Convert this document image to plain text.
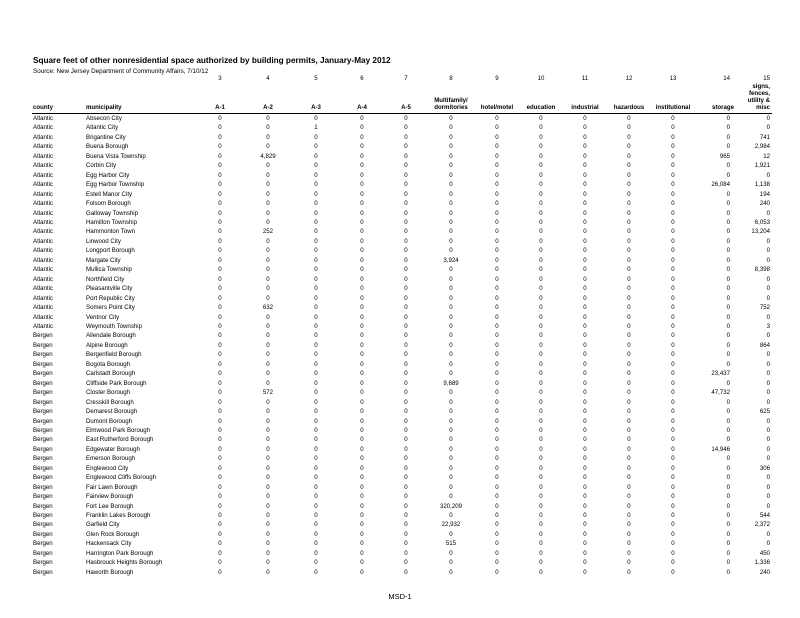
Square feet of other nonresidential space authorized by building permits, January-May 2012
Source: New Jersey Department of Community Affairs, 7/10/12
		3	4	5	6	7	8	9	10	11	12	13	14	15
county	municipality	A-1	A-2	A-3	A-4	A-5	Multifamily/ dormitories	hotel/motel	education	industrial	hazardous	institutional	storage	signs, fences, utility & misc

Atlantic	Absecon City	0	0	0	0	0	0	0	0	0	0	0	0	0
Atlantic	Atlantic City	0	0	1	0	0	0	0	0	0	0	0	0	0
Atlantic	Brigantine City	0	0	0	0	0	0	0	0	0	0	0	0	741
Atlantic	Buena Borough	0	0	0	0	0	0	0	0	0	0	0	0	2,984
Atlantic	Buena Vista Township	0	4,829	0	0	0	0	0	0	0	0	0	965	12
Atlantic	Corbin City	0	0	0	0	0	0	0	0	0	0	0	0	1,921
Atlantic	Egg Harbor City	0	0	0	0	0	0	0	0	0	0	0	0	0
Atlantic	Egg Harbor Township	0	0	0	0	0	0	0	0	0	0	0	26,084	1,138
Atlantic	Estell Manor City	0	0	0	0	0	0	0	0	0	0	0	0	194
Atlantic	Folsom Borough	0	0	0	0	0	0	0	0	0	0	0	0	240
Atlantic	Galloway Township	0	0	0	0	0	0	0	0	0	0	0	0	0
Atlantic	Hamilton Township	0	0	0	0	0	0	0	0	0	0	0	0	6,053
Atlantic	Hammonton Town	0	252	0	0	0	0	0	0	0	0	0	0	13,204
Atlantic	Linwood City	0	0	0	0	0	0	0	0	0	0	0	0	0
Atlantic	Longport Borough	0	0	0	0	0	0	0	0	0	0	0	0	0
Atlantic	Margate City	0	0	0	0	0	3,924	0	0	0	0	0	0	0
Atlantic	Mullica Township	0	0	0	0	0	0	0	0	0	0	0	0	8,398
Atlantic	Northfield City	0	0	0	0	0	0	0	0	0	0	0	0	0
Atlantic	Pleasantville City	0	0	0	0	0	0	0	0	0	0	0	0	0
Atlantic	Port Republic City	0	0	0	0	0	0	0	0	0	0	0	0	0
Atlantic	Somers Point City	0	632	0	0	0	0	0	0	0	0	0	0	752
Atlantic	Ventnor City	0	0	0	0	0	0	0	0	0	0	0	0	0
Atlantic	Weymouth Township	0	0	0	0	0	0	0	0	0	0	0	0	3
Bergen	Allendale Borough	0	0	0	0	0	0	0	0	0	0	0	0	0
Bergen	Alpine Borough	0	0	0	0	0	0	0	0	0	0	0	0	864
Bergen	Bergenfield Borough	0	0	0	0	0	0	0	0	0	0	0	0	0
Bergen	Bogota Borough	0	0	0	0	0	0	0	0	0	0	0	0	0
Bergen	Carlstadt Borough	0	0	0	0	0	0	0	0	0	0	0	23,437	0
Bergen	Cliffside Park Borough	0	0	0	0	0	9,689	0	0	0	0	0	0	0
Bergen	Closter Borough	0	572	0	0	0	0	0	0	0	0	0	47,732	0
Bergen	Cresskill Borough	0	0	0	0	0	0	0	0	0	0	0	0	0
Bergen	Demarest Borough	0	0	0	0	0	0	0	0	0	0	0	0	625
Bergen	Dumont Borough	0	0	0	0	0	0	0	0	0	0	0	0	0
Bergen	Elmwood Park Borough	0	0	0	0	0	0	0	0	0	0	0	0	0
Bergen	East Rutherford Borough	0	0	0	0	0	0	0	0	0	0	0	0	0
Bergen	Edgewater Borough	0	0	0	0	0	0	0	0	0	0	0	14,946	0
Bergen	Emerson Borough	0	0	0	0	0	0	0	0	0	0	0	0	0
Bergen	Englewood City	0	0	0	0	0	0	0	0	0	0	0	0	306
Bergen	Englewood Cliffs Borough	0	0	0	0	0	0	0	0	0	0	0	0	0
Bergen	Fair Lawn Borough	0	0	0	0	0	0	0	0	0	0	0	0	0
Bergen	Fairview Borough	0	0	0	0	0	0	0	0	0	0	0	0	0
Bergen	Fort Lee Borough	0	0	0	0	0	320,209	0	0	0	0	0	0	0
Bergen	Franklin Lakes Borough	0	0	0	0	0	0	0	0	0	0	0	0	544
Bergen	Garfield City	0	0	0	0	0	22,932	0	0	0	0	0	0	2,372
Bergen	Glen Rock Borough	0	0	0	0	0	0	0	0	0	0	0	0	0
Bergen	Hackensack City	0	0	0	0	0	515	0	0	0	0	0	0	0
Bergen	Harrington Park Borough	0	0	0	0	0	0	0	0	0	0	0	0	450
Bergen	Hasbrouck Heights Borough	0	0	0	0	0	0	0	0	0	0	0	0	1,336
Bergen	Haworth Borough	0	0	0	0	0	0	0	0	0	0	0	0	240
MSD-1
